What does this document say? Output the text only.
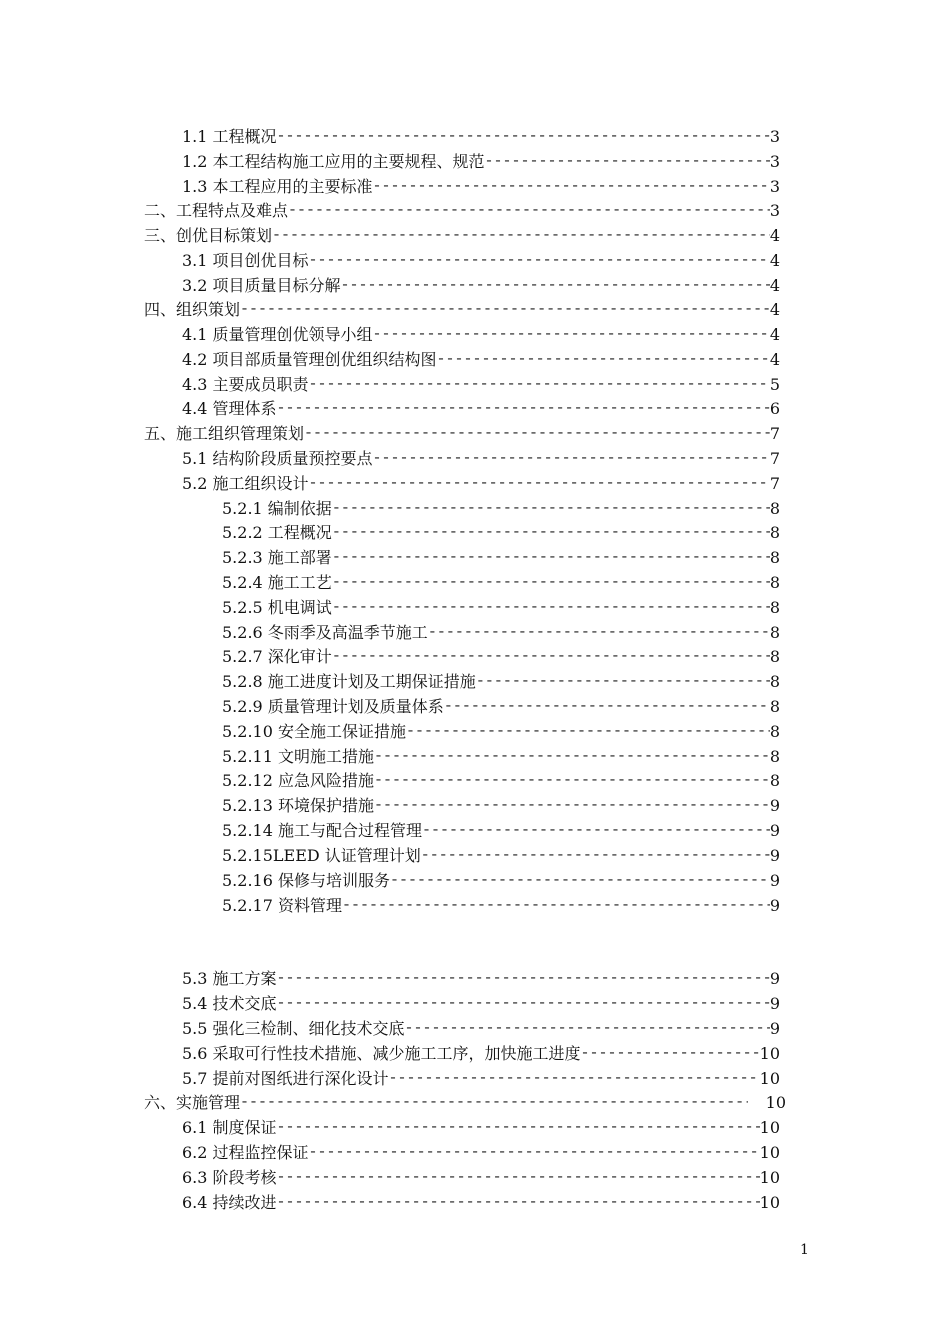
1.1 工程概况 -----	3
1.2 本工程结构施工应用的主要规程、规范 -----	3
1.3 本工程应用的主要标准 -----	3
二、工程特点及难点 -----	3
三、创优目标策划 -----	4
3.1 项目创优目标 -----	4
3.2 项目质量目标分解 -----	4
四、组织策划 -----	4
4.1 质量管理创优领导小组 -----	4
4.2 项目部质量管理创优组织结构图 -----	4
4.3 主要成员职责 -----	5
4.4 管理体系 -----	6
五、施工组织管理策划 -----	7
5.1 结构阶段质量预控要点 -----	7
5.2 施工组织设计 -----	7
5.2.1 编制依据 -----	8
5.2.2 工程概况 -----	8
5.2.3 施工部署 -----	8
5.2.4 施工工艺 -----	8
5.2.5 机电调试 -----	8
5.2.6 冬雨季及高温季节施工 -----	8
5.2.7 深化审计 -----	8
5.2.8 施工进度计划及工期保证措施 -----	8
5.2.9 质量管理计划及质量体系 -----	8
5.2.10 安全施工保证措施 -----	8
5.2.11 文明施工措施 -----	8
5.2.12 应急风险措施 -----	8
5.2.13 环境保护措施 -----	9
5.2.14 施工与配合过程管理 -----	9
5.2.15LEED 认证管理计划 -----	9
5.2.16 保修与培训服务 -----	9
5.2.17 资料管理 -----	9
5.3 施工方案 -----	9
5.4 技术交底 -----	9
5.5 强化三检制、细化技术交底 -----	9
5.6 采取可行性技术措施、减少施工工序，加快施工进度 -----	10
5.7 提前对图纸进行深化设计 -----	10
六、实施管理 -----	10
6.1 制度保证 -----	10
6.2 过程监控保证 -----	10
6.3 阶段考核 -----	10
6.4 持续改进 -----	10
1
